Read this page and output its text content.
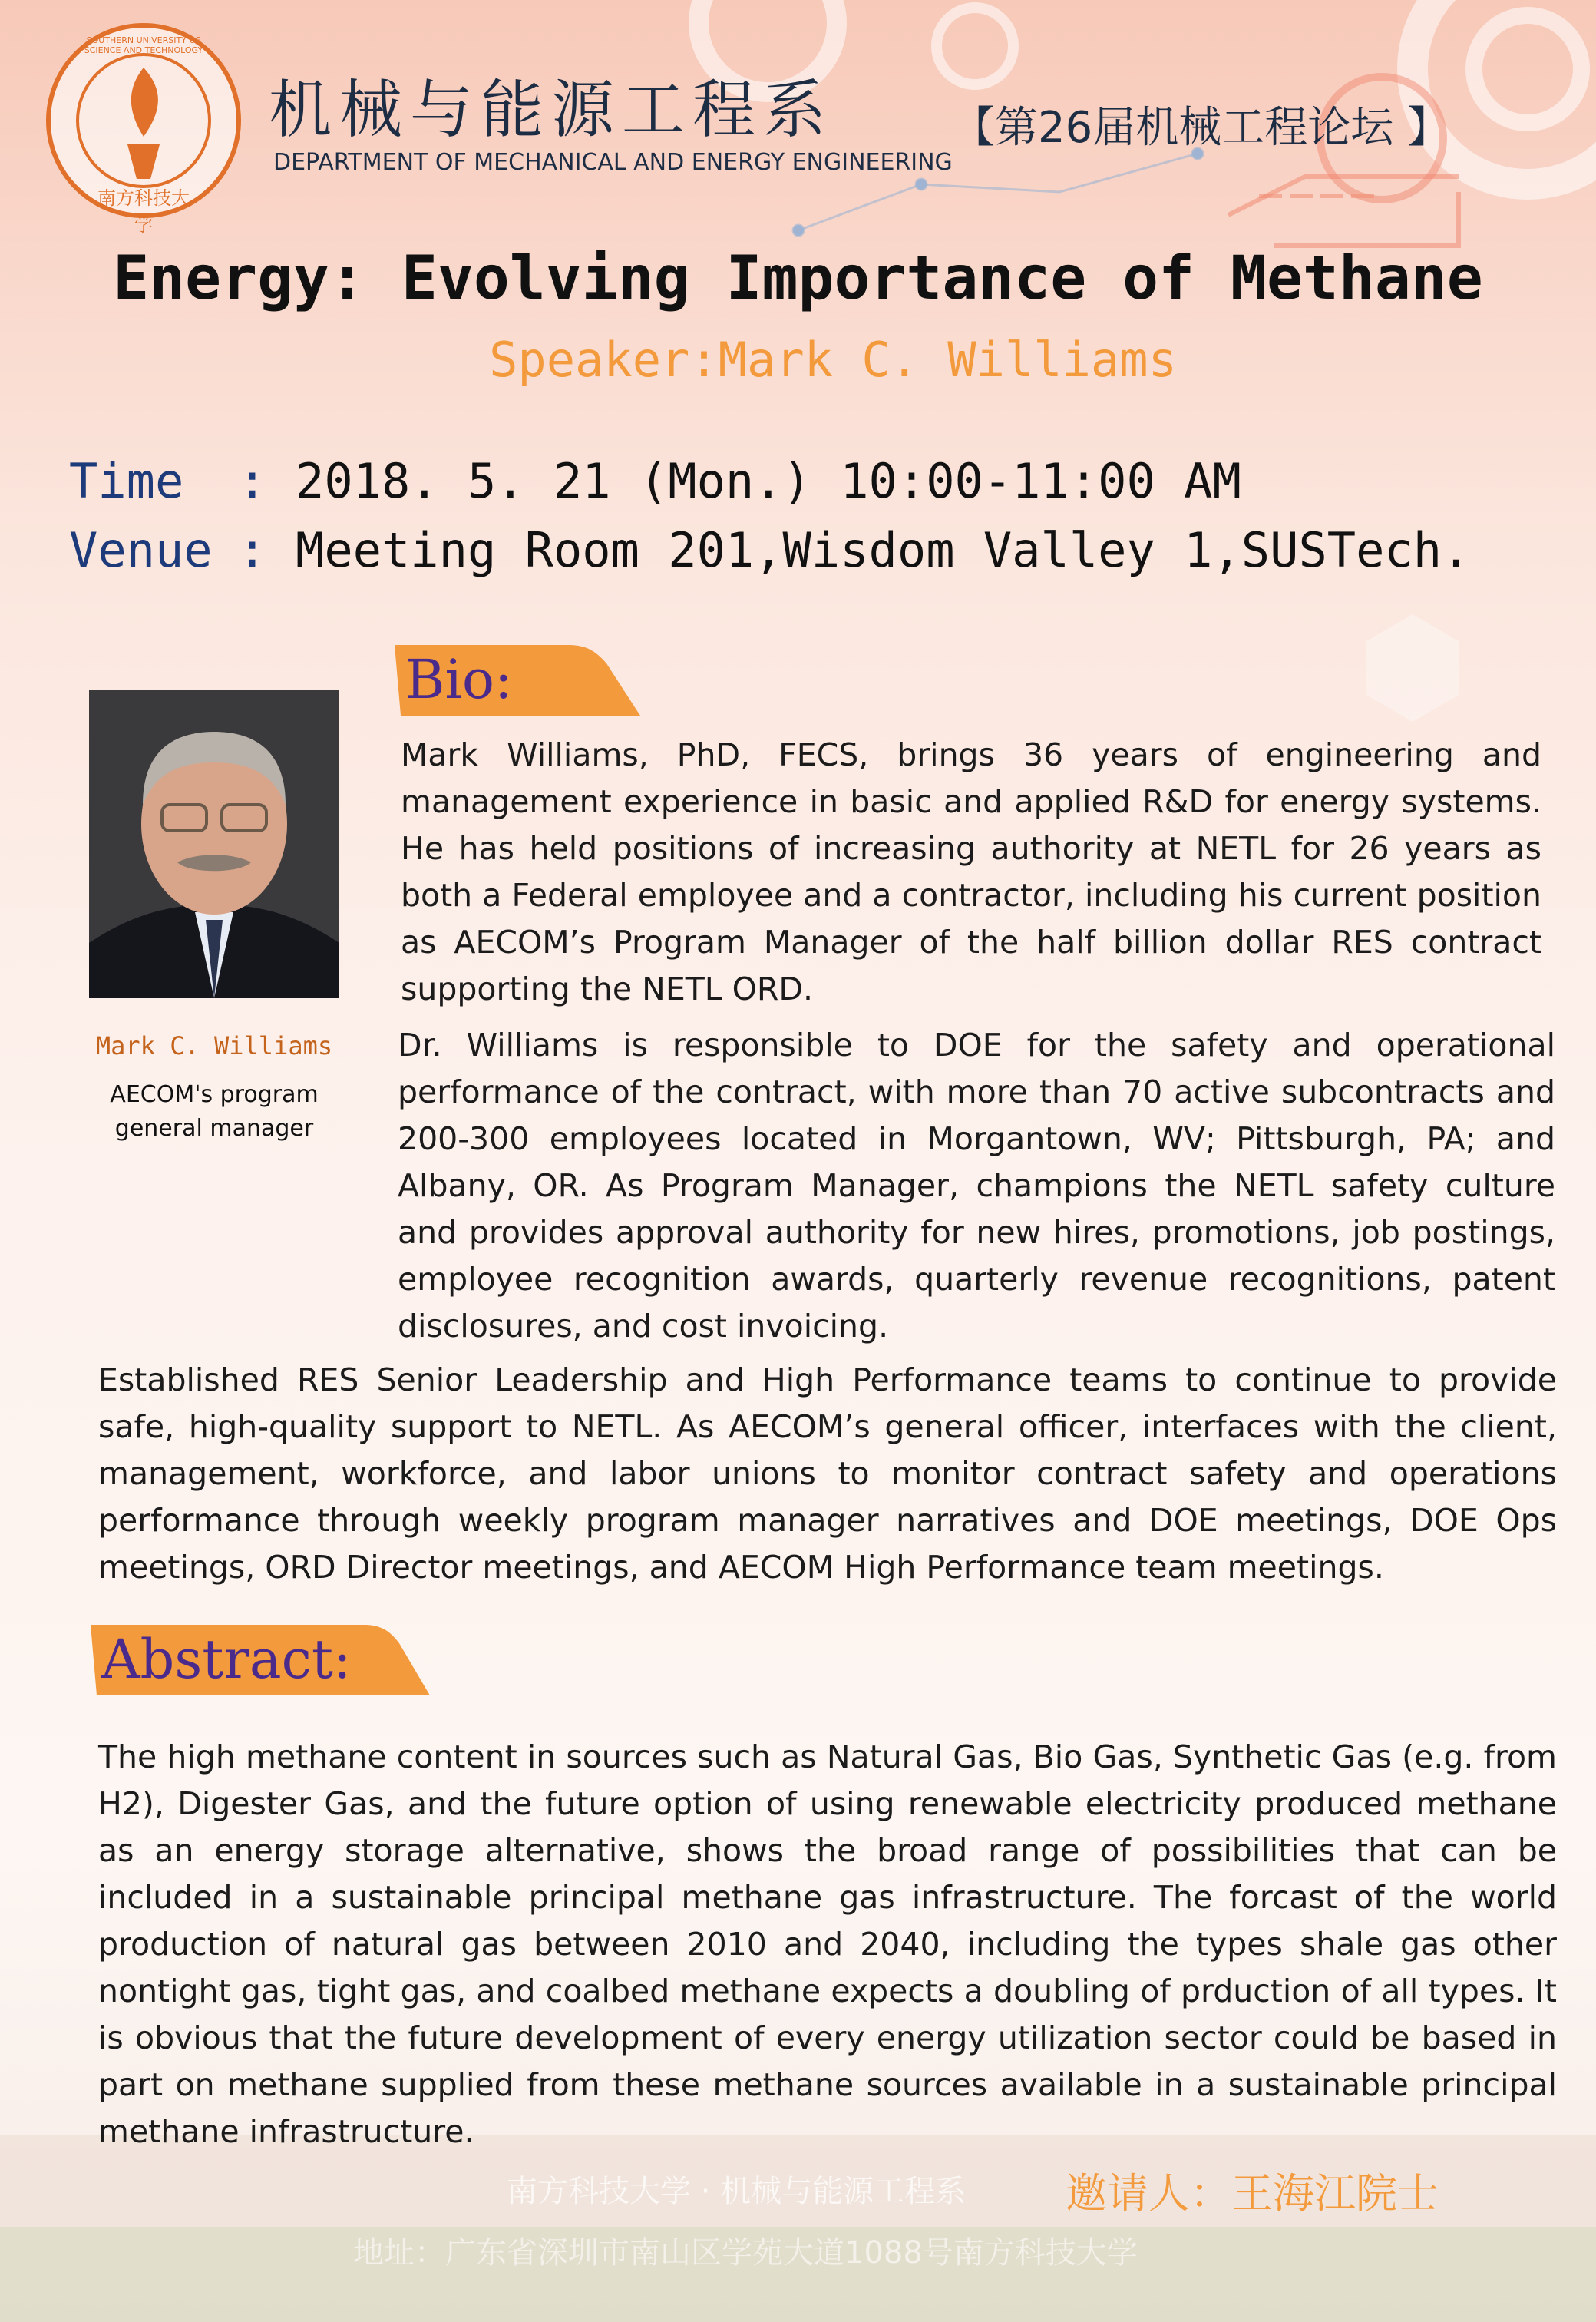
SOUTHERN UNIVERSITY OF SCIENCE AND TECHNOLOGY
南方科技大学
机械与能源工程系
DEPARTMENT OF MECHANICAL AND ENERGY ENGINEERING
【第26届机械工程论坛 】
Energy: Evolving Importance of Methane
Speaker:Mark C. Williams
Time : 2018. 5. 21 (Mon.) 10:00-11:00 AM
Venue : Meeting Room 201,Wisdom Valley 1,SUSTech.
Mark C. Williams
AECOM's program
general manager
Bio:

Mark Williams, PhD, FECS, brings 36 years of engineering and management experience in basic and applied R&D for energy systems. He has held positions of increasing authority at NETL for 26 years as both a Federal employee and a contractor, including his current position as AECOM’s Program Manager of the half billion dollar RES contract supporting the NETL ORD.

Dr. Williams is responsible to DOE for the safety and operational performance of the contract, with more than 70 active subcontracts and 200-300 employees located in Morgantown, WV; Pittsburgh, PA; and Albany, OR. As Program Manager, champions the NETL safety culture and provides approval authority for new hires, promotions, job postings, employee recognition awards, quarterly revenue recognitions, patent disclosures, and cost invoicing.

Established RES Senior Leadership and High Performance teams to continue to provide safe, high-quality support to NETL. As AECOM’s general officer, interfaces with the client, management, workforce, and labor unions to monitor contract safety and operations performance through weekly program manager narratives and DOE meetings, DOE Ops meetings, ORD Director meetings, and AECOM High Performance team meetings.

Abstract:

The high methane content in sources such as Natural Gas, Bio Gas, Synthetic Gas (e.g. from H2), Digester Gas, and the future option of using renewable electricity produced methane as an energy storage alternative, shows the broad range of possibilities that can be included in a sustainable principal methane gas infrastructure. The forcast of the world production of natural gas between 2010 and 2040, including the types shale gas other nontight gas, tight gas, and coalbed methane expects a doubling of prduction of all types. It is obvious that the future development of every energy utilization sector could be based in part on methane supplied from these methane sources available in a sustainable principal methane infrastructure.

南方科技大学 · 机械与能源工程系 邀请人：王海江院士
地址：广东省深圳市南山区学苑大道1088号南方科技大学
